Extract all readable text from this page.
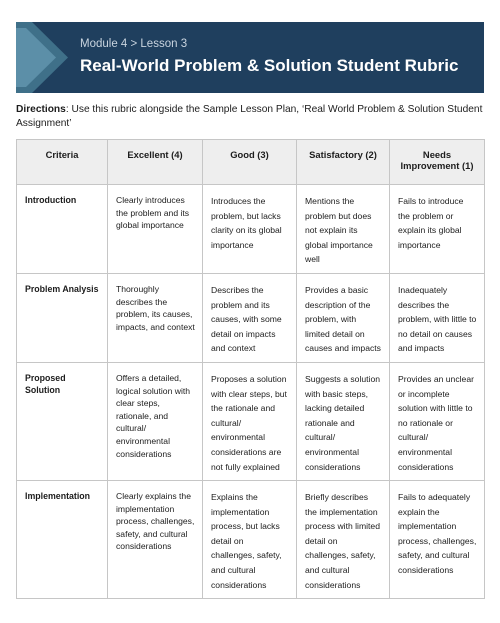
Module 4 > Lesson 3
Real-World Problem & Solution Student Rubric
Directions: Use this rubric alongside the Sample Lesson Plan, ‘Real World Problem & Solution Student Assignment’
Criteria	Excellent (4)	Good (3)	Satisfactory (2)	Needs Improvement (1)
Introduction	Clearly introduces the problem and its global importance	Introduces the problem, but lacks clarity on its global importance	Mentions the problem but does not explain its global importance well	Fails to introduce the problem or explain its global importance
Problem Analysis	Thoroughly describes the problem, its causes, impacts, and context	Describes the problem and its causes, with some detail on impacts and context	Provides a basic description of the problem, with limited detail on causes and impacts	Inadequately describes the problem, with little to no detail on causes and impacts
Proposed Solution	Offers a detailed, logical solution with clear steps, rationale, and cultural/ environmental considerations	Proposes a solution with clear steps, but the rationale and cultural/ environmental considerations are not fully explained	Suggests a solution with basic steps, lacking detailed rationale and cultural/ environmental considerations	Provides an unclear or incomplete solution with little to no rationale or cultural/ environmental considerations
Implementation	Clearly explains the implementation process, challenges, safety, and cultural considerations	Explains the implementation process, but lacks detail on challenges, safety, and cultural considerations	Briefly describes the implementation process with limited detail on challenges, safety, and cultural considerations	Fails to adequately explain the implementation process, challenges, safety, and cultural considerations
